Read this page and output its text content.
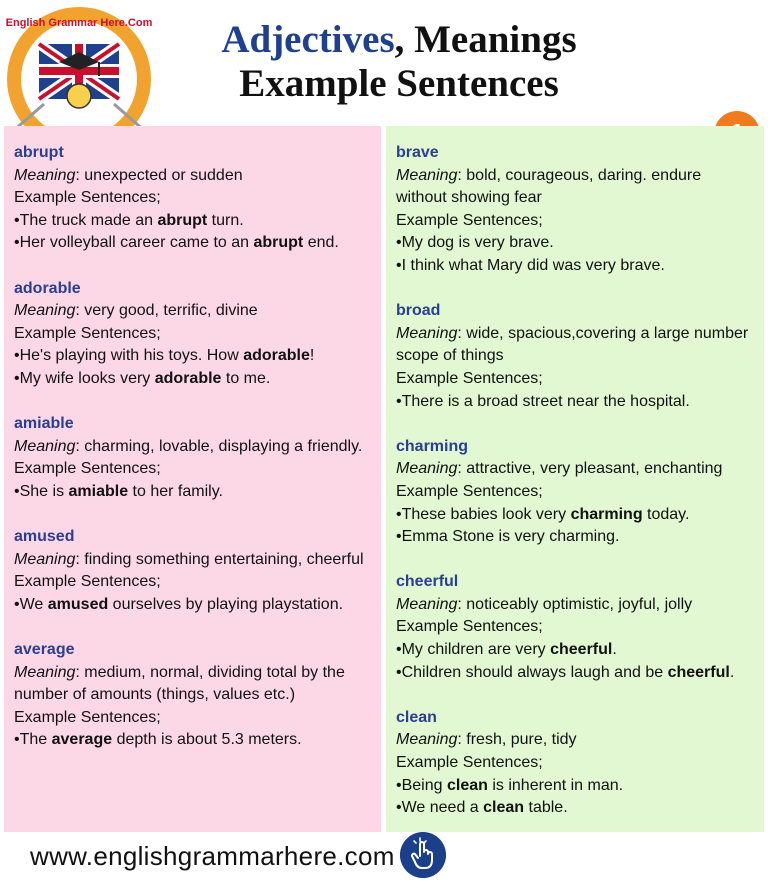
English Grammar Here.Com	Adjectives, Meanings
Example Sentences
abrupt
Meaning: unexpected or sudden
Example Sentences;
•The truck made an abrupt turn.
•Her volleyball career came to an abrupt end.
adorable
Meaning: very good, terrific, divine
Example Sentences;
•He's playing with his toys. How adorable!
•My wife looks very adorable to me.
amiable
Meaning: charming, lovable, displaying a friendly.
Example Sentences;
•She is amiable to her family.
amused
Meaning: finding something entertaining, cheerful
Example Sentences;
•We amused ourselves by playing playstation.
average
Meaning: medium, normal, dividing total by the number of amounts (things, values etc.)
Example Sentences;
•The average depth is about 5.3 meters.
brave
Meaning: bold, courageous, daring. endure without showing fear
Example Sentences;
•My dog is very brave.
•I think what Mary did was very brave.
broad
Meaning: wide, spacious,covering a large number scope of things
Example Sentences;
•There is a broad street near the hospital.
charming
Meaning: attractive, very pleasant, enchanting
Example Sentences;
•These babies look very charming today.
•Emma Stone is very charming.
cheerful
Meaning: noticeably optimistic, joyful, jolly
Example Sentences;
•My children are very cheerful.
•Children should always laugh and be cheerful.
clean
Meaning: fresh, pure, tidy
Example Sentences;
•Being clean is inherent in man.
•We need a clean table.
www.englishgrammarhere.com
